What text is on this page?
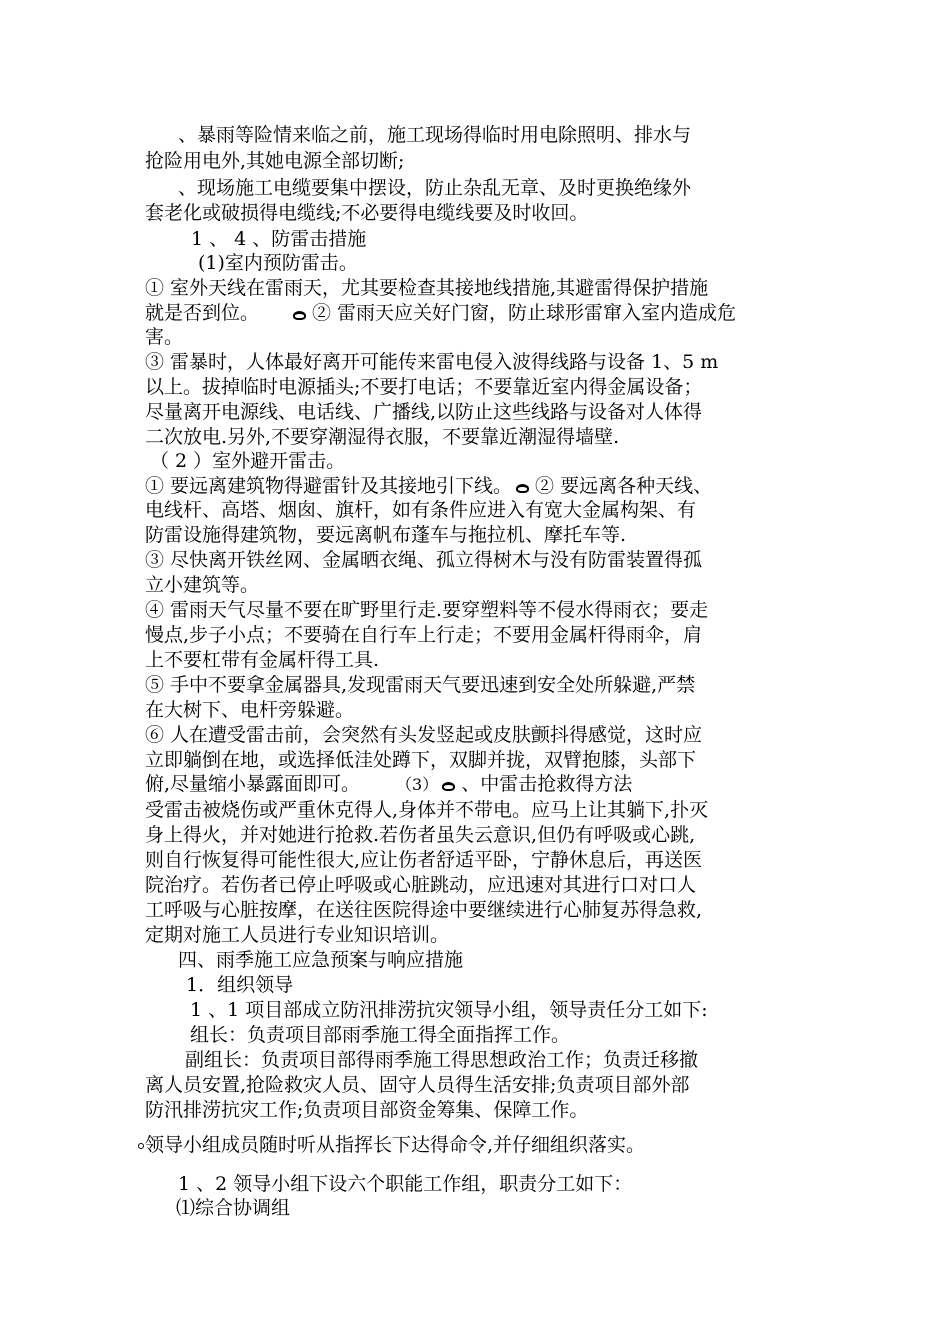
、暴雨等险情来临之前，施工现场得临时用电除照明、排水与
抢险用电外,其她电源全部切断;
、现场施工电缆要集中摆设，防止杂乱无章、及时更换绝缘外
套老化或破损得电缆线;不必要得电缆线要及时收回。
1 、 4 、防雷击措施
(1)室内预防雷击。
① 室外天线在雷雨天，尤其要检查其接地线措施,其避雷得保护措施
就是否到位。	② 雷雨天应关好门窗，防止球形雷窜入室内造成危
害。
③ 雷暴时，人体最好离开可能传来雷电侵入波得线路与设备 1、5 m
以上。拔掉临时电源插头;不要打电话；不要靠近室内得金属设备；
尽量离开电源线、电话线、广播线,以防止这些线路与设备对人体得
二次放电.另外,不要穿潮湿得衣服，不要靠近潮湿得墙壁.
（ 2 ）室外避开雷击。
① 要远离建筑物得避雷针及其接地引下线。 ② 要远离各种天线、
电线杆、高塔、烟囱、旗杆，如有条件应进入有宽大金属构架、有
防雷设施得建筑物，要远离帆布蓬车与拖拉机、摩托车等.
③ 尽快离开铁丝网、金属晒衣绳、孤立得树木与没有防雷装置得孤
立小建筑等。
④ 雷雨天气尽量不要在旷野里行走.要穿塑料等不侵水得雨衣；要走
慢点,步子小点；不要骑在自行车上行走；不要用金属杆得雨伞，肩
上不要杠带有金属杆得工具.
⑤ 手中不要拿金属器具,发现雷雨天气要迅速到安全处所躲避,严禁
在大树下、电杆旁躲避。
⑥ 人在遭受雷击前，会突然有头发竖起或皮肤颤抖得感觉，这时应
立即躺倒在地，或选择低洼处蹲下，双脚并拢，双臂抱膝，头部下
俯,尽量缩小暴露面即可。 （3） 、中雷击抢救得方法
受雷击被烧伤或严重休克得人,身体并不带电。应马上让其躺下,扑灭
身上得火，并对她进行抢救.若伤者虽失云意识,但仍有呼吸或心跳,
则自行恢复得可能性很大,应让伤者舒适平卧，宁静休息后，再送医
院治疗。若伤者已停止呼吸或心脏跳动，应迅速对其进行口对口人
工呼吸与心脏按摩，在送往医院得途中要继续进行心肺复苏得急救,
定期对施工人员进行专业知识培训。
四、雨季施工应急预案与响应措施
1．组织领导
1 、1 项目部成立防汛排涝抗灾领导小组，领导责任分工如下:
组长：负责项目部雨季施工得全面指挥工作。
副组长：负责项目部得雨季施工得思想政治工作；负责迁移撤
离人员安置,抢险救灾人员、固守人员得生活安排;负责项目部外部
防汛排涝抗灾工作;负责项目部资金筹集、保障工作。
领导小组成员随时听从指挥长下达得命令,并仔细组织落实。
1 、2 领导小组下设六个职能工作组，职责分工如下：
⑴综合协调组
